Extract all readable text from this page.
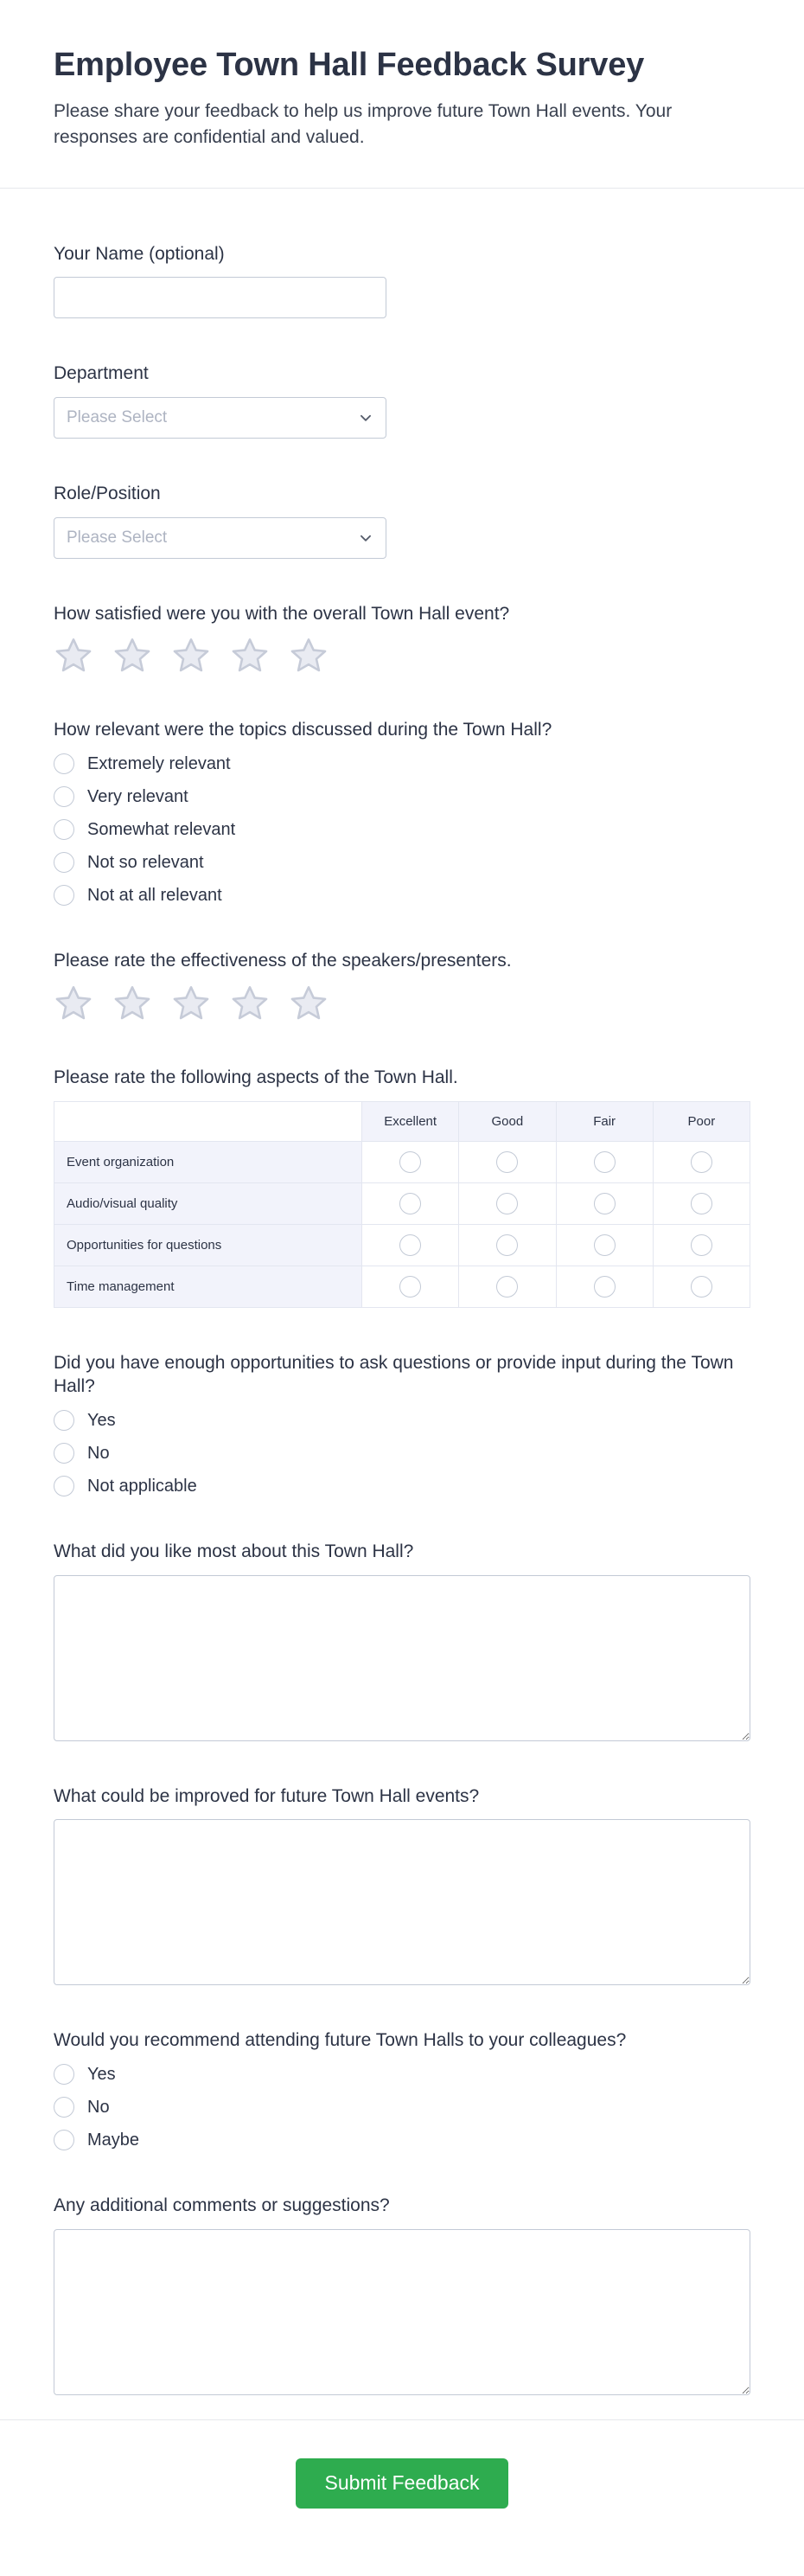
Employee Town Hall Feedback Survey

Please share your feedback to help us improve future Town Hall events. Your responses are confidential and valued.

Your Name (optional)
Department
Please Select
Role/Position
Please Select
How satisfied were you with the overall Town Hall event?
How relevant were the topics discussed during the Town Hall?
Extremely relevant
Very relevant
Somewhat relevant
Not so relevant
Not at all relevant
Please rate the effectiveness of the speakers/presenters.
Please rate the following aspects of the Town Hall.
	Excellent	Good	Fair	Poor
Event organization				
Audio/visual quality				
Opportunities for questions				
Time management				
Did you have enough opportunities to ask questions or provide input during the Town Hall?
Yes
No
Not applicable
What did you like most about this Town Hall?
What could be improved for future Town Hall events?
Would you recommend attending future Town Halls to your colleagues?
Yes
No
Maybe
Any additional comments or suggestions?
Submit Feedback
